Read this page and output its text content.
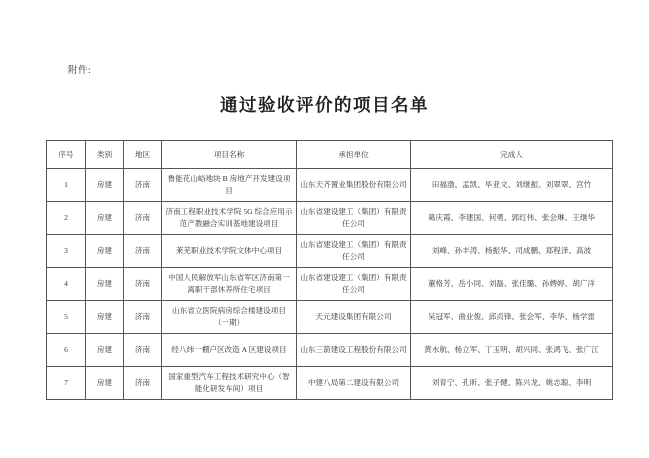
附件:
通过验收评价的项目名单
序号	类别	地区	项目名称	承担单位	完成人
1	房建	济南	鲁能花山峪地块 B 房地产开发建设项目	山东天齐置业集团股份有限公司	田福渤、孟凯、毕亚文、刘继振、刘翠翠、宫竹
2	房建	济南	济南工程职业技术学院 5G 综合应用示范产教融合实训基地建设项目	山东省建设建工（集团）有限责任公司	葛庆霞、李建国、何勇、郭红伟、张会琳、王继华
3	房建	济南	莱芜职业技术学院文体中心项目	山东省建设建工（集团）有限责任公司	刘峰、孙丰涛、杨振华、司成鹏、郑程泽、高波
4	房建	济南	中国人民解放军山东省军区济南第一离职干部休养所住宅项目	山东省建设建工（集团）有限责任公司	董格芳、岳小同、刘磊、张佳璐、孙娉婷、胡广洋
5	房建	济南	山东省立医院病房综合楼建设项目（一期）	天元建设集团有限公司	吴冠军、曲业俊、邱贞锋、张会军、李华、杨学雷
6	房建	济南	经八纬一棚户区改造 A 区建设项目	山东三箭建设工程股份有限公司	黄水航、杨立军、丁玉明、胡兴同、张鸿飞、张广江
7	房建	济南	国家重型汽车工程技术研究中心（智能化研发车间）项目	中建八局第二建设有限公司	刘育宁、孔昕、张子健、陈兴龙、姚志聪、李明
